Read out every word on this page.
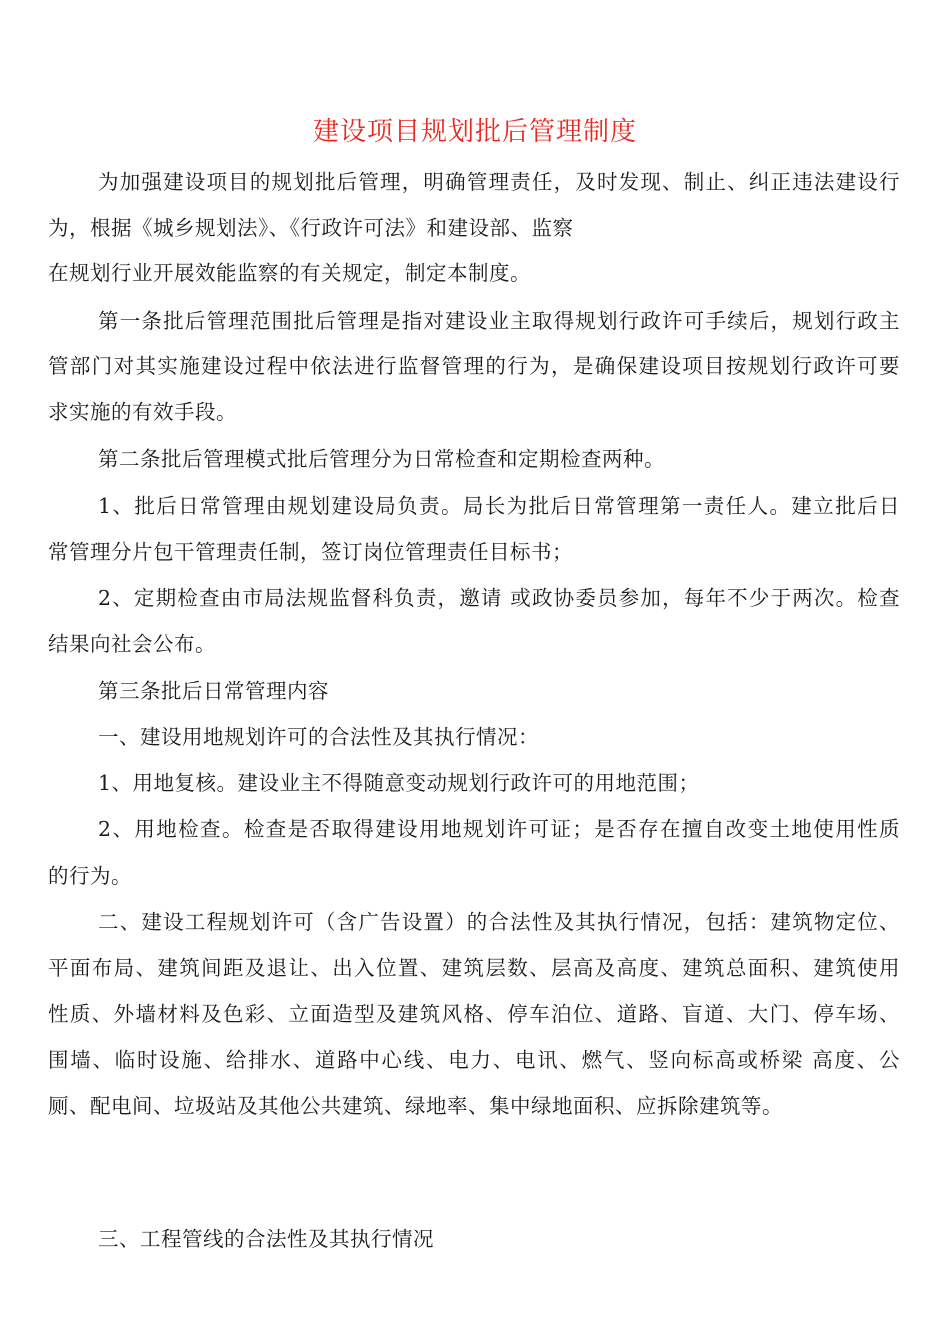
建设项目规划批后管理制度
为加强建设项目的规划批后管理，明确管理责任，及时发现、制止、纠正违法建设行
为，根据《城乡规划法》、《行政许可法》和建设部、监察
在规划行业开展效能监察的有关规定，制定本制度。
第一条批后管理范围批后管理是指对建设业主取得规划行政许可手续后，规划行政主
管部门对其实施建设过程中依法进行监督管理的行为，是确保建设项目按规划行政许可要
求实施的有效手段。
第二条批后管理模式批后管理分为日常检查和定期检查两种。
1、批后日常管理由规划建设局负责。局长为批后日常管理第一责任人。建立批后日
常管理分片包干管理责任制，签订岗位管理责任目标书；
2、定期检查由市局法规监督科负责，邀请 或政协委员参加，每年不少于两次。检查
结果向社会公布。
第三条批后日常管理内容
一、建设用地规划许可的合法性及其执行情况：
1、用地复核。建设业主不得随意变动规划行政许可的用地范围；
2、用地检查。检查是否取得建设用地规划许可证；是否存在擅自改变土地使用性质
的行为。
二、建设工程规划许可（含广告设置）的合法性及其执行情况，包括：建筑物定位、
平面布局、建筑间距及退让、出入位置、建筑层数、层高及高度、建筑总面积、建筑使用
性质、外墙材料及色彩、立面造型及建筑风格、停车泊位、道路、盲道、大门、停车场、
围墙、临时设施、给排水、道路中心线、电力、电讯、燃气、竖向标高或桥梁 高度、公
厕、配电间、垃圾站及其他公共建筑、绿地率、集中绿地面积、应拆除建筑等。
三、工程管线的合法性及其执行情况
